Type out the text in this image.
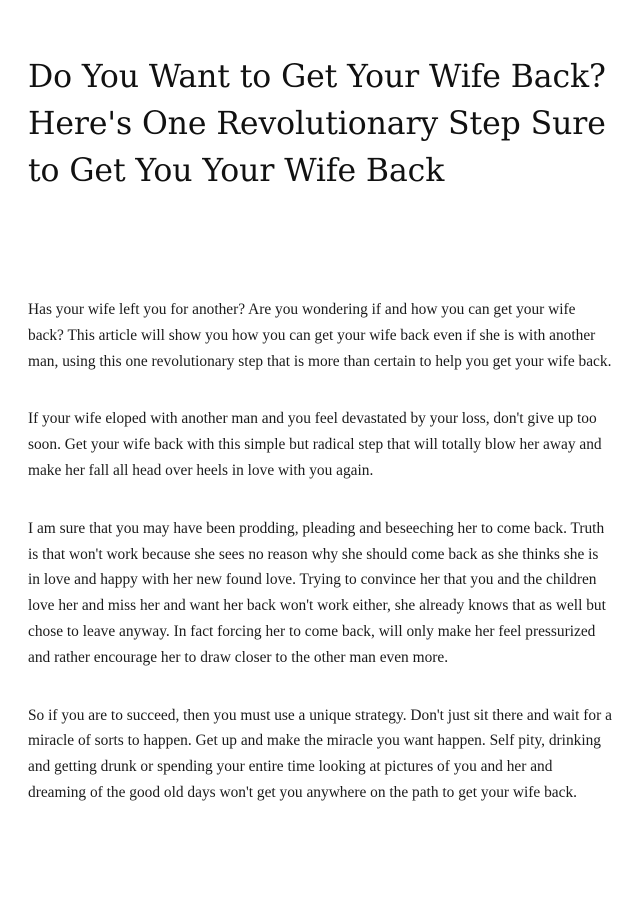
Do You Want to Get Your Wife Back? Here's One Revolutionary Step Sure to Get You Your Wife Back

Has your wife left you for another? Are you wondering if and how you can get your wife back? This article will show you how you can get your wife back even if she is with another man, using this one revolutionary step that is more than certain to help you get your wife back.

If your wife eloped with another man and you feel devastated by your loss, don't give up too soon. Get your wife back with this simple but radical step that will totally blow her away and make her fall all head over heels in love with you again.

I am sure that you may have been prodding, pleading and beseeching her to come back. Truth is that won't work because she sees no reason why she should come back as she thinks she is in love and happy with her new found love. Trying to convince her that you and the children love her and miss her and want her back won't work either, she already knows that as well but chose to leave anyway. In fact forcing her to come back, will only make her feel pressurized and rather encourage her to draw closer to the other man even more.

So if you are to succeed, then you must use a unique strategy. Don't just sit there and wait for a miracle of sorts to happen. Get up and make the miracle you want happen. Self pity, drinking and getting drunk or spending your entire time looking at pictures of you and her and dreaming of the good old days won't get you anywhere on the path to get your wife back.
